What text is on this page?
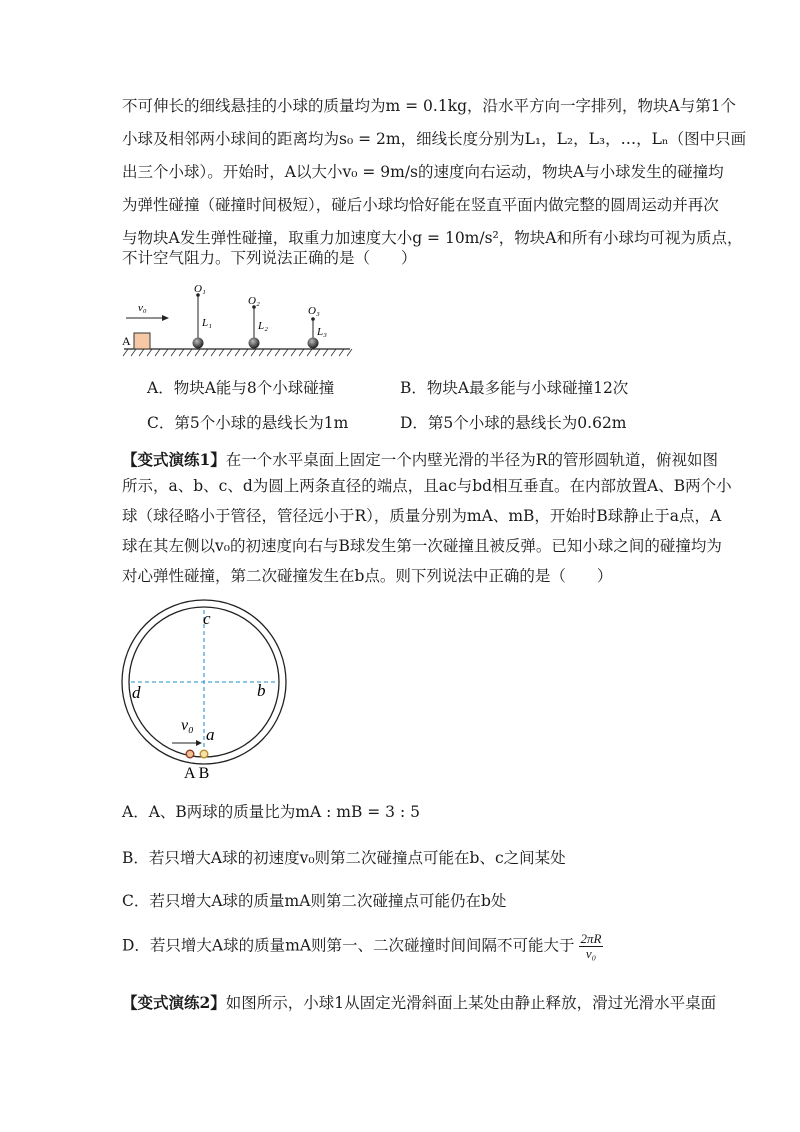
不可伸长的细线悬挂的小球的质量均为m = 0.1kg，沿水平方向一字排列，物块A与第1个
小球及相邻两小球间的距离均为s₀ = 2m，细线长度分别为L₁，L₂，L₃，…，Lₙ（图中只画
出三个小球）。开始时，A以大小v₀ = 9m/s的速度向右运动，物块A与小球发生的碰撞均
为弹性碰撞（碰撞时间极短），碰后小球均恰好能在竖直平面内做完整的圆周运动并再次
与物块A发生弹性碰撞，取重力加速度大小g = 10m/s²，物块A和所有小球均可视为质点，
不计空气阻力。下列说法正确的是（　　）
A
v₀
O₁
L₁
O₂
L₂
O₃
L₃
A．物块A能与8个小球碰撞	B．物块A最多能与小球碰撞12次
C．第5个小球的悬线长为1m	D．第5个小球的悬线长为0.62m
【变式演练1】在一个水平桌面上固定一个内壁光滑的半径为R的管形圆轨道，俯视如图
所示，a、b、c、d为圆上两条直径的端点，且ac与bd相互垂直。在内部放置A、B两个小
球（球径略小于管径，管径远小于R），质量分别为mA、mB，开始时B球静止于a点，A
球在其左侧以v₀的初速度向右与B球发生第一次碰撞且被反弹。已知小球之间的碰撞均为
对心弹性碰撞，第二次碰撞发生在b点。则下列说法中正确的是（　　）
c
d	b
a
v₀
A B
A．A、B两球的质量比为mA : mB = 3 : 5
B．若只增大A球的初速度v₀则第二次碰撞点可能在b、c之间某处
C．若只增大A球的质量mA则第二次碰撞点可能仍在b处
D．若只增大A球的质量mA则第一、二次碰撞时间间隔不可能大于 $\frac{2\pi R}{\text{v₀}}$
【变式演练2】如图所示，小球1从固定光滑斜面上某处由静止释放，滑过光滑水平桌面
